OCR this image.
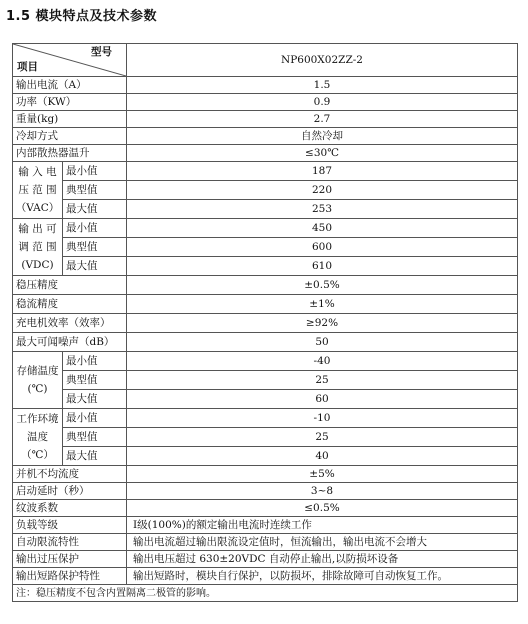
1.5 模块特点及技术参数
型号
项目		NP600X02ZZ-2
输出电流（A）		1.5
功率（KW）		0.9
重量(kg)		2.7
冷却方式		自然冷却
内部散热器温升		≤30℃
输 入 电 压 范 围（VAC）	最小值	187
	典型值	220
	最大值	253
输 出 可 调 范 围 (VDC)	最小值	450
	典型值	600
	最大值	610
稳压精度		±0.5%
稳流精度		±1%
充电机效率（效率）		≥92%
最大可闻噪声（dB）		50
存储温度(℃)	最小值	-40
	典型值	25
	最大值	60
工作环境温度（℃）	最小值	-10
	典型值	25
	最大值	40
并机不均流度		±5%
启动延时（秒）		3~8
纹波系数		≤0.5%
负载等级		Ⅰ级(100%)的额定输出电流时连续工作
自动限流特性		输出电流超过输出限流设定值时，恒流输出，输出电流不会增大
输出过压保护		输出电压超过 630±20VDC 自动停止输出,以防损坏设备
输出短路保护特性		输出短路时，模块自行保护，以防损坏，排除故障可自动恢复工作。
注：稳压精度不包含内置隔离二极管的影响。		
